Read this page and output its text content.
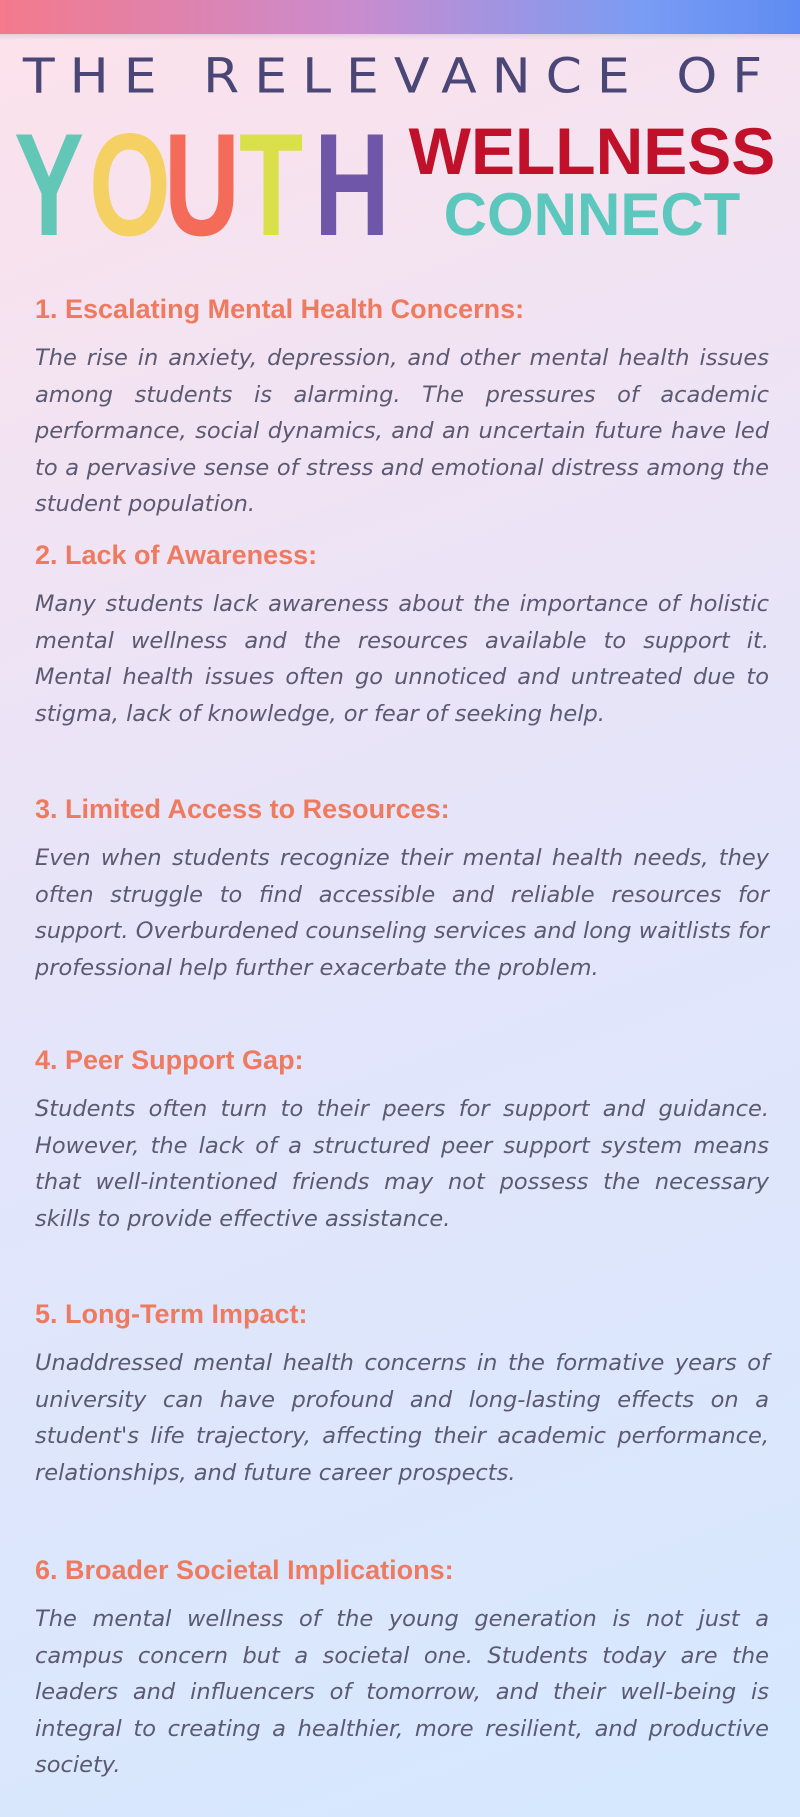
THE RELEVANCE OF
Y O
U T H WELLNESS
CONNECT
1. Escalating Mental Health Concerns:

The rise in anxiety, depression, and other mental health issues among students is alarming. The pressures of academic performance, social dynamics, and an uncertain future have led to a pervasive sense of stress and emotional distress among the student population.

2. Lack of Awareness:

Many students lack awareness about the importance of holistic mental wellness and the resources available to support it. Mental health issues often go unnoticed and untreated due to stigma, lack of knowledge, or fear of seeking help.

3. Limited Access to Resources:

Even when students recognize their mental health needs, they often struggle to find accessible and reliable resources for support. Overburdened counseling services and long waitlists for professional help further exacerbate the problem.

4. Peer Support Gap:

Students often turn to their peers for support and guidance. However, the lack of a structured peer support system means that well-intentioned friends may not possess the necessary skills to provide effective assistance.

5. Long-Term Impact:

Unaddressed mental health concerns in the formative years of university can have profound and long-lasting effects on a student's life trajectory, affecting their academic performance, relationships, and future career prospects.

6. Broader Societal Implications:

The mental wellness of the young generation is not just a campus concern but a societal one. Students today are the leaders and influencers of tomorrow, and their well-being is integral to creating a healthier, more resilient, and productive society.
